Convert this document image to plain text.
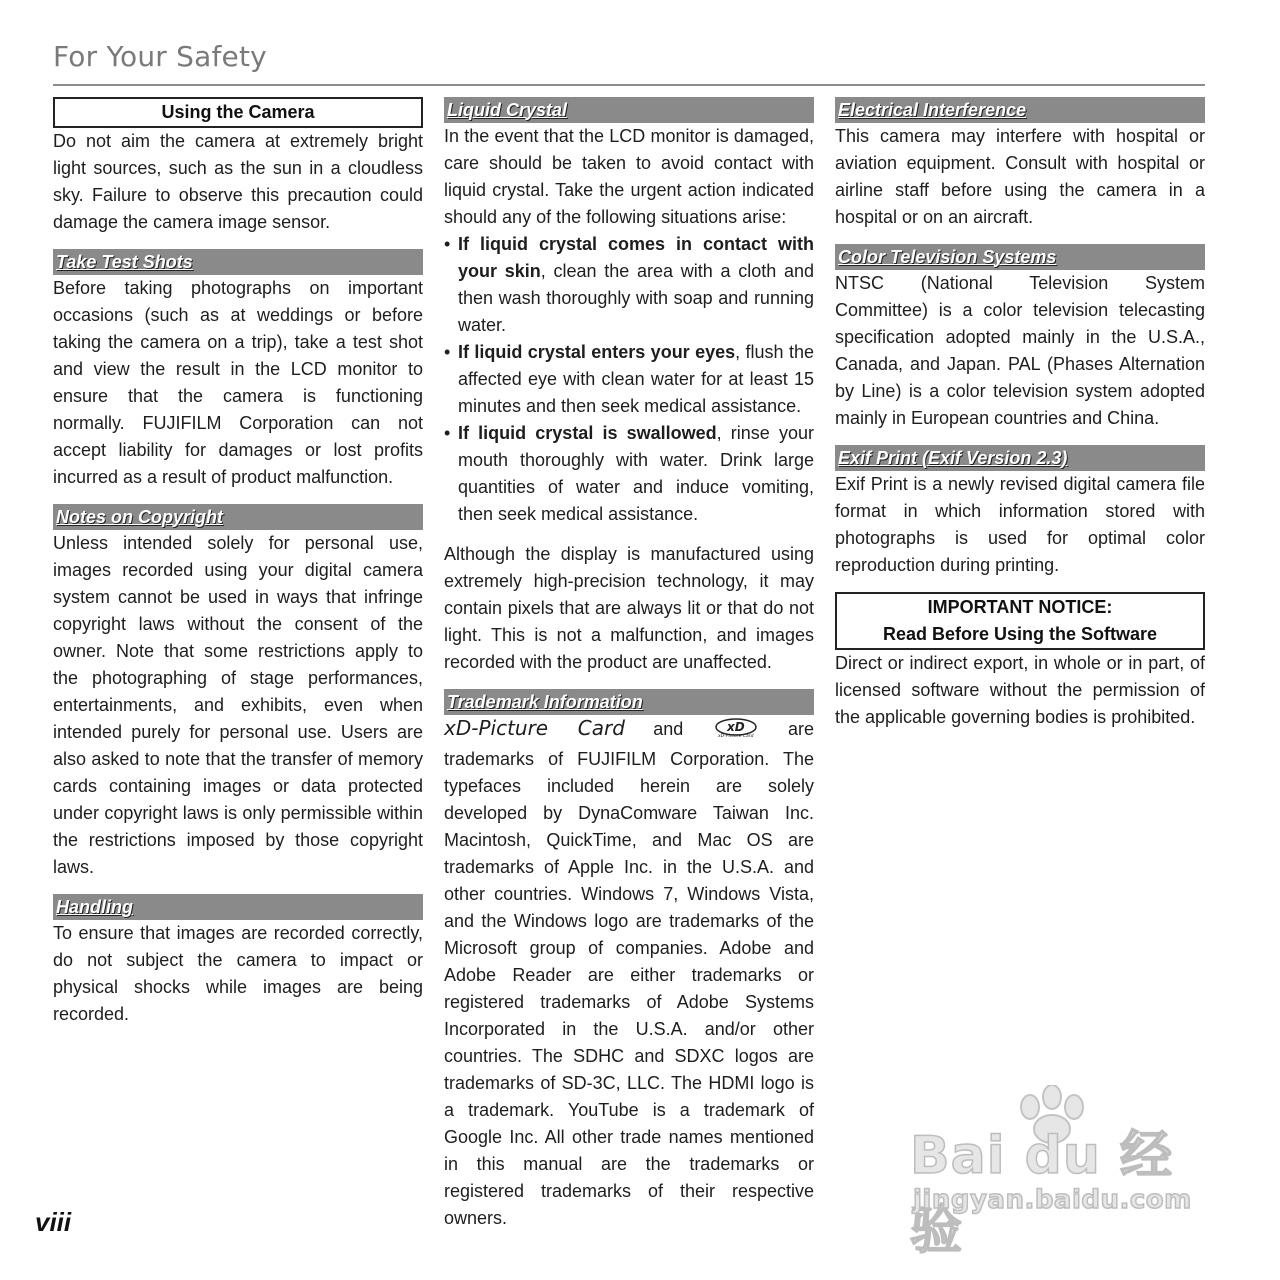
For Your Safety
Using the Camera

Do not aim the camera at extremely bright light sources, such as the sun in a cloudless sky. Failure to observe this precaution could damage the camera image sensor.

Take Test Shots

Before taking photographs on important occasions (such as at weddings or before taking the camera on a trip), take a test shot and view the result in the LCD monitor to ensure that the camera is functioning normally. FUJIFILM Corporation can not accept liability for damages or lost profits incurred as a result of product malfunction.

Notes on Copyright

Unless intended solely for personal use, images recorded using your digital camera system cannot be used in ways that infringe copyright laws without the consent of the owner. Note that some restrictions apply to the photographing of stage performances, entertainments, and exhibits, even when intended purely for personal use. Users are also asked to note that the transfer of memory cards containing images or data protected under copyright laws is only permissible within the restrictions imposed by those copyright laws.

Handling

To ensure that images are recorded correctly, do not subject the camera to impact or physical shocks while images are being recorded.

Liquid Crystal

In the event that the LCD monitor is damaged, care should be taken to avoid contact with liquid crystal. Take the urgent action indicated should any of the following situations arise:

• If liquid crystal comes in contact with your skin, clean the area with a cloth and then wash thoroughly with soap and running water.
• If liquid crystal enters your eyes, flush the affected eye with clean water for at least 15 minutes and then seek medical assistance.
• If liquid crystal is swallowed, rinse your mouth thoroughly with water. Drink large quantities of water and induce vomiting, then seek medical assistance.

Although the display is manufactured using extremely high-precision technology, it may contain pixels that are always lit or that do not light. This is not a malfunction, and images recorded with the product are unaffected.

Trademark Information

xD-Picture Card and xD
xD-Picture Card are trademarks of FUJIFILM Corporation. The typefaces included herein are solely developed by DynaComware Taiwan Inc. Macintosh, QuickTime, and Mac OS are trademarks of Apple Inc. in the U.S.A. and other countries. Windows 7, Windows Vista, and the Windows logo are trademarks of the Microsoft group of companies. Adobe and Adobe Reader are either trademarks or registered trademarks of Adobe Systems Incorporated in the U.S.A. and/or other countries. The SDHC and SDXC logos are trademarks of SD-3C, LLC. The HDMI logo is a trademark. YouTube is a trademark of Google Inc. All other trade names mentioned in this manual are the trademarks or registered trademarks of their respective owners.

Electrical Interference

This camera may interfere with hospital or aviation equipment. Consult with hospital or airline staff before using the camera in a hospital or on an aircraft.

Color Television Systems

NTSC (National Television System Committee) is a color television telecasting specification adopted mainly in the U.S.A., Canada, and Japan. PAL (Phases Alternation by Line) is a color television system adopted mainly in European countries and China.

Exif Print (Exif Version 2.3)

Exif Print is a newly revised digital camera file format in which information stored with photographs is used for optimal color reproduction during printing.

IMPORTANT NOTICE:
Read Before Using the Software

Direct or indirect export, in whole or in part, of licensed software without the permission of the applicable governing bodies is prohibited.

viii
Bai du 经验
jingyan.baidu.com
